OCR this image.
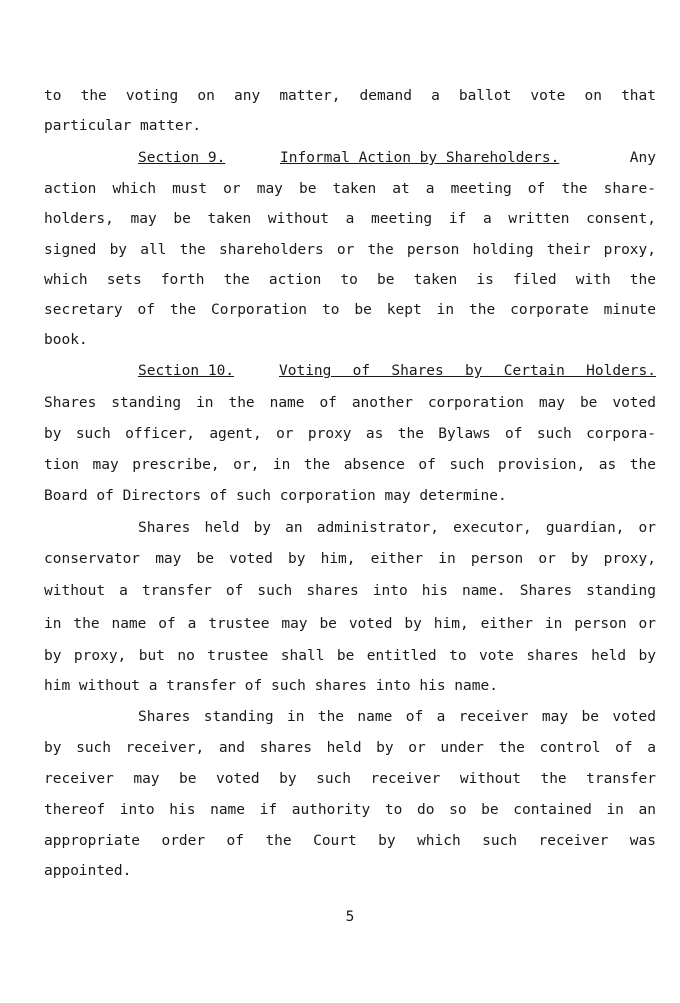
to the voting on any matter, demand a ballot vote on that
particular matter.
Section 9.	Informal Action by Shareholders.	Any
action which must or may be taken at a meeting of the share-
holders, may be taken without a meeting if a written consent,
signed by all the shareholders or the person holding their proxy,
which sets forth the action to be taken is filed with the
secretary of the Corporation to be kept in the corporate minute
book.
Section 10.	Voting of Shares by Certain Holders.
Shares standing in the name of another corporation may be voted
by such officer, agent, or proxy as the Bylaws of such corpora-
tion may prescribe, or, in the absence of such provision, as the
Board of Directors of such corporation may determine.
Shares held by an administrator, executor, guardian, or
conservator may be voted by him, either in person or by proxy,
without a transfer of such shares into his name. Shares standing
in the name of a trustee may be voted by him, either in person or
by proxy, but no trustee shall be entitled to vote shares held by
him without a transfer of such shares into his name.
Shares standing in the name of a receiver may be voted
by such receiver, and shares held by or under the control of a
receiver may be voted by such receiver without the transfer
thereof into his name if authority to do so be contained in an
appropriate order of the Court by which such receiver was
appointed.
5
